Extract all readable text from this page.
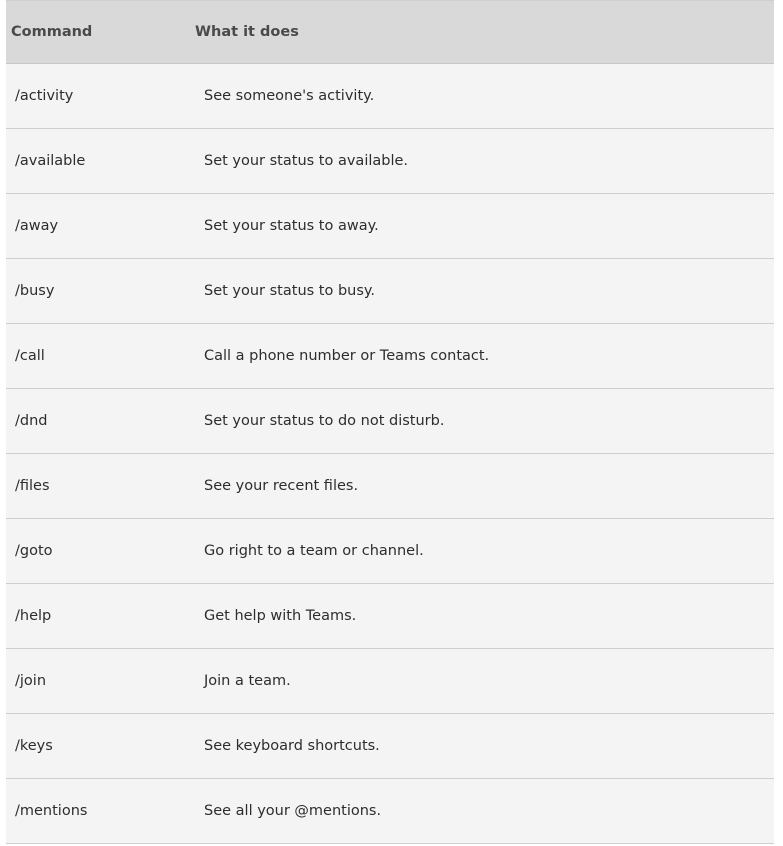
Command	What it does
/activity	See someone's activity.
/available	Set your status to available.
/away	Set your status to away.
/busy	Set your status to busy.
/call	Call a phone number or Teams contact.
/dnd	Set your status to do not disturb.
/files	See your recent files.
/goto	Go right to a team or channel.
/help	Get help with Teams.
/join	Join a team.
/keys	See keyboard shortcuts.
/mentions	See all your @mentions.
